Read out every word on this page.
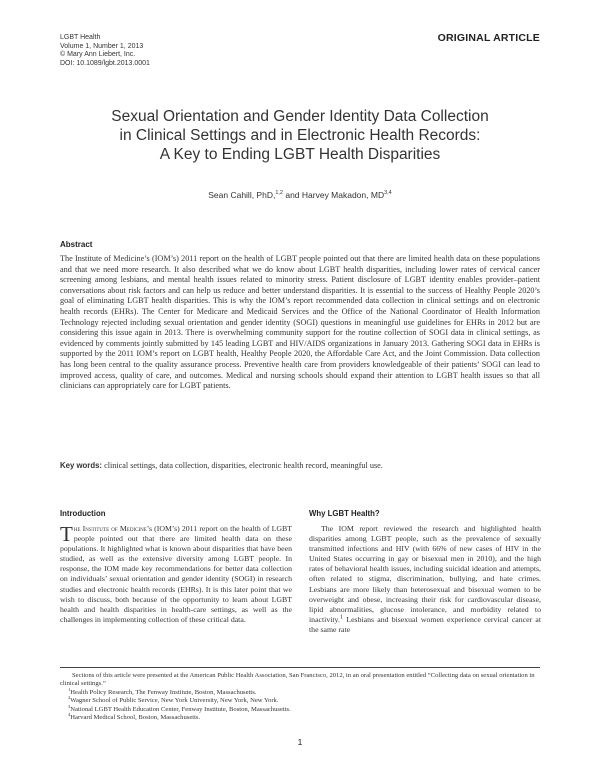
LGBT Health
Volume 1, Number 1, 2013
© Mary Ann Liebert, Inc.
DOI: 10.1089/lgbt.2013.0001
ORIGINAL ARTICLE
Sexual Orientation and Gender Identity Data Collection
in Clinical Settings and in Electronic Health Records:
A Key to Ending LGBT Health Disparities
Sean Cahill, PhD,$^{1,2}$ and Harvey Makadon, MD$^{3,4}$
Abstract
The Institute of Medicine’s (IOM’s) 2011 report on the health of LGBT people pointed out that there are limited health data on these populations and that we need more research. It also described what we do know about LGBT health disparities, including lower rates of cervical cancer screening among lesbians, and mental health issues related to minority stress. Patient disclosure of LGBT identity enables provider–patient conversations about risk factors and can help us reduce and better understand disparities. It is essential to the success of Healthy People 2020’s goal of eliminating LGBT health disparities. This is why the IOM’s report recommended data collection in clinical settings and on electronic health records (EHRs). The Center for Medicare and Medicaid Services and the Office of the National Coordinator of Health Information Technology rejected including sexual orientation and gender identity (SOGI) questions in meaningful use guidelines for EHRs in 2012 but are considering this issue again in 2013. There is overwhelming community support for the routine collection of SOGI data in clinical settings, as evidenced by comments jointly submitted by 145 leading LGBT and HIV/AIDS organizations in January 2013. Gathering SOGI data in EHRs is supported by the 2011 IOM’s report on LGBT health, Healthy People 2020, the Affordable Care Act, and the Joint Commission. Data collection has long been central to the quality assurance process. Preventive health care from providers knowledgeable of their patients’ SOGI can lead to improved access, quality of care, and outcomes. Medical and nursing schools should expand their attention to LGBT health issues so that all clinicians can appropriately care for LGBT patients.
Key words: clinical settings, data collection, disparities, electronic health record, meaningful use.
Introduction	Why LGBT Health?
The Institute of Medicine’s (IOM’s) 2011 report on the health of LGBT people pointed out that there are limited health data on these populations. It highlighted what is known about disparities that have been studied, as well as the extensive diversity among LGBT people. In response, the IOM made key recommendations for better data collection on individuals’ sexual orientation and gender identity (SOGI) in research studies and electronic health records (EHRs). It is this later point that we wish to discuss, both because of the opportunity to learn about LGBT health and health disparities in health-care settings, as well as the challenges in implementing collection of these critical data.
The IOM report reviewed the research and highlighted health disparities among LGBT people, such as the prevalence of sexually transmitted infections and HIV (with 66% of new cases of HIV in the United States occurring in gay or bisexual men in 2010), and the high rates of behavioral health issues, including suicidal ideation and attempts, often related to stigma, discrimination, bullying, and hate crimes. Lesbians are more likely than heterosexual and bisexual women to be overweight and obese, increasing their risk for cardiovascular disease, lipid abnormalities, glucose intolerance, and morbidity related to inactivity.$^1$ Lesbians and bisexual women experience cervical cancer at the same rate
Sections of this article were presented at the American Public Health Association, San Francisco, 2012, in an oral presentation entitled “Collecting data on sexual orientation in clinical settings.”
$^1$Health Policy Research, The Fenway Institute, Boston, Massachusetts.
$^2$Wagner School of Public Service, New York University, New York, New York.
$^3$National LGBT Health Education Center, Fenway Institute, Boston, Massachusetts.
$^4$Harvard Medical School, Boston, Massachusetts.
1
